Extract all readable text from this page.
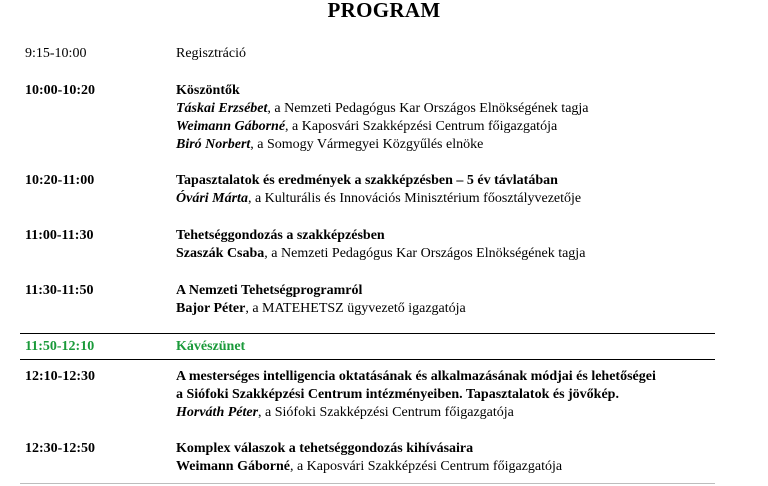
PROGRAM
9:15-10:00	Regisztráció
10:00-10:20	Köszöntők
Táskai Erzsébet, a Nemzeti Pedagógus Kar Országos Elnökségének tagja
Weimann Gáborné, a Kaposvári Szakképzési Centrum főigazgatója
Biró Norbert, a Somogy Vármegyei Közgyűlés elnöke
10:20-11:00	Tapasztalatok és eredmények a szakképzésben – 5 év távlatában
Óvári Márta, a Kulturális és Innovációs Minisztérium főosztályvezetője
11:00-11:30	Tehetséggondozás a szakképzésben
Szaszák Csaba, a Nemzeti Pedagógus Kar Országos Elnökségének tagja
11:30-11:50	A Nemzeti Tehetségprogramról
Bajor Péter, a MATEHETSZ ügyvezető igazgatója
11:50-12:10	Kávészünet
12:10-12:30	A mesterséges intelligencia oktatásának és alkalmazásának módjai és lehetőségei
a Siófoki Szakképzési Centrum intézményeiben. Tapasztalatok és jövőkép.
Horváth Péter, a Siófoki Szakképzési Centrum főigazgatója
12:30-12:50	Komplex válaszok a tehetséggondozás kihívásaira
Weimann Gáborné, a Kaposvári Szakképzési Centrum főigazgatója
